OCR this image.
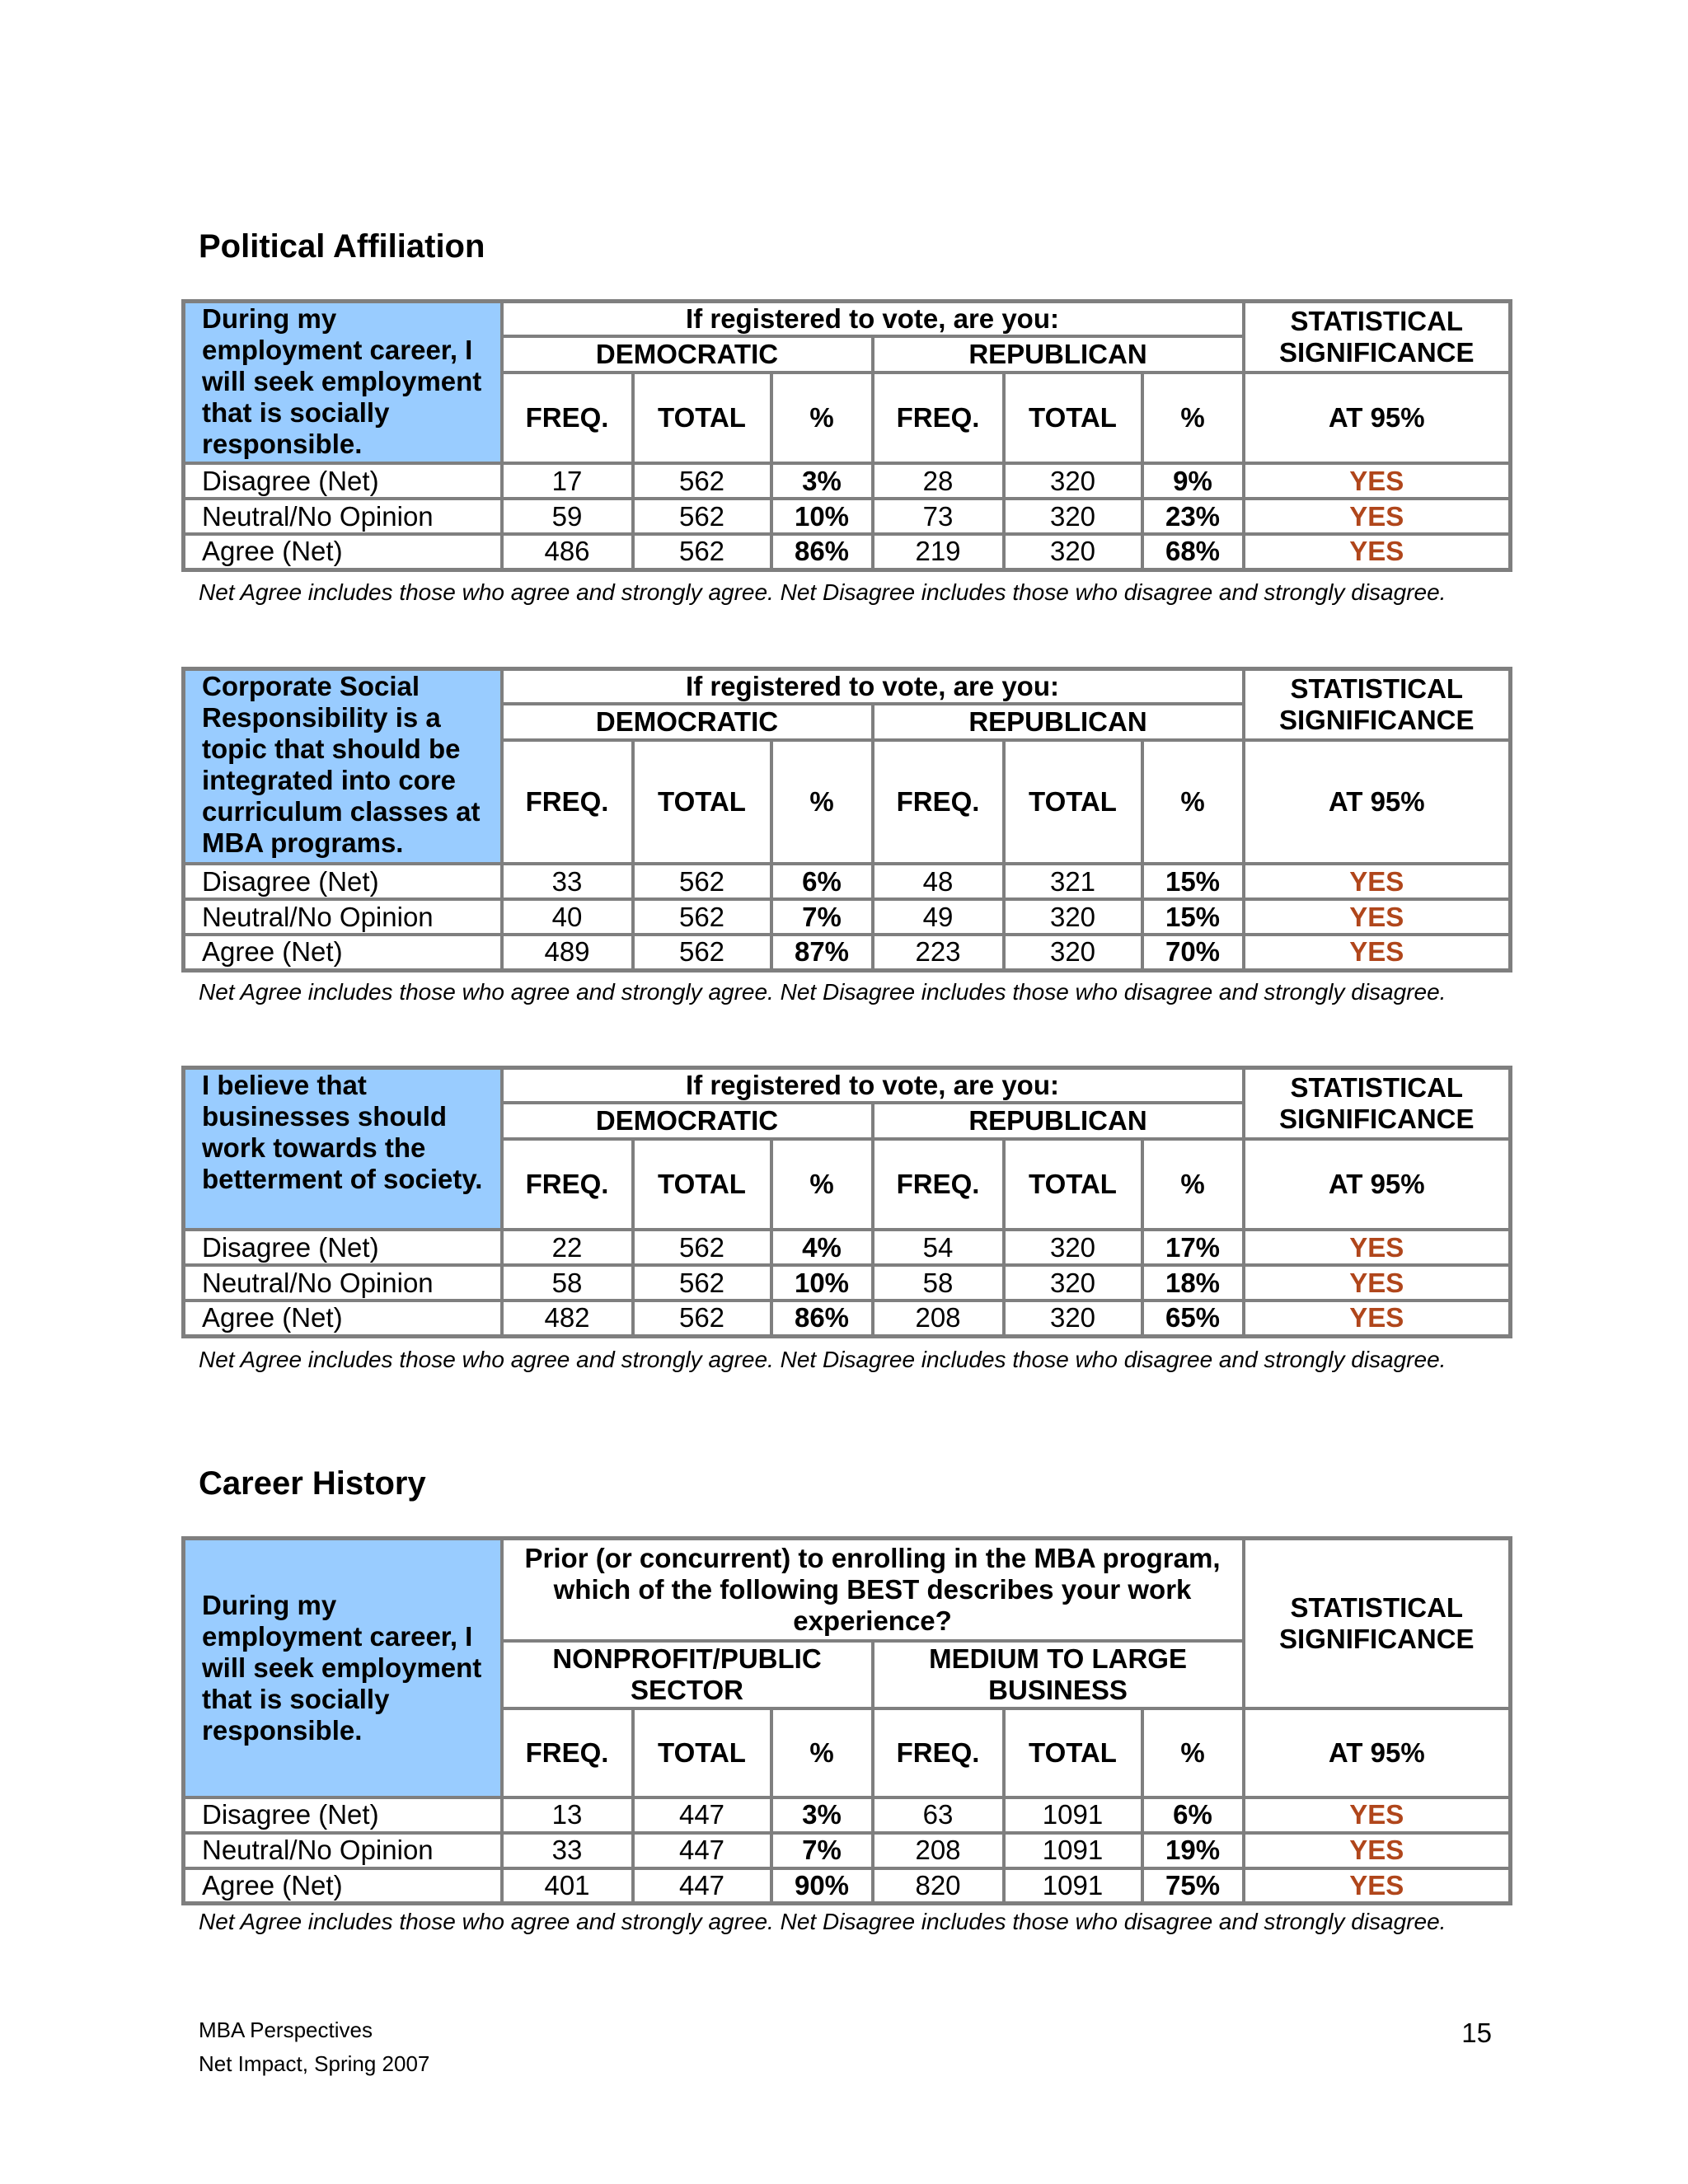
Political Affiliation
During my employment career, I will seek employment that is socially responsible.	If registered to vote, are you:						STATISTICAL SIGNIFICANCE
	DEMOCRATIC			REPUBLICAN			
	FREQ.	TOTAL	%	FREQ.	TOTAL	%	AT 95%
Disagree (Net)	17	562	3%	28	320	9%	YES
Neutral/No Opinion	59	562	10%	73	320	23%	YES
Agree (Net)	486	562	86%	219	320	68%	YES

Net Agree includes those who agree and strongly agree. Net Disagree includes those who disagree and strongly disagree.

Corporate Social Responsibility is a topic that should be integrated into core curriculum classes at MBA programs.	If registered to vote, are you:						STATISTICAL SIGNIFICANCE
	DEMOCRATIC			REPUBLICAN			
	FREQ.	TOTAL	%	FREQ.	TOTAL	%	AT 95%
Disagree (Net)	33	562	6%	48	321	15%	YES
Neutral/No Opinion	40	562	7%	49	320	15%	YES
Agree (Net)	489	562	87%	223	320	70%	YES

Net Agree includes those who agree and strongly agree. Net Disagree includes those who disagree and strongly disagree.

I believe that businesses should work towards the betterment of society.	If registered to vote, are you:						STATISTICAL SIGNIFICANCE
	DEMOCRATIC			REPUBLICAN			
	FREQ.	TOTAL	%	FREQ.	TOTAL	%	AT 95%
Disagree (Net)	22	562	4%	54	320	17%	YES
Neutral/No Opinion	58	562	10%	58	320	18%	YES
Agree (Net)	482	562	86%	208	320	65%	YES

Net Agree includes those who agree and strongly agree. Net Disagree includes those who disagree and strongly disagree.

Career History
During my employment career, I will seek employment that is socially responsible.	Prior (or concurrent) to enrolling in the MBA program, which of the following BEST describes your work experience?						STATISTICAL SIGNIFICANCE
	NONPROFIT/PUBLIC SECTOR			MEDIUM TO LARGE BUSINESS			
	FREQ.	TOTAL	%	FREQ.	TOTAL	%	AT 95%
Disagree (Net)	13	447	3%	63	1091	6%	YES
Neutral/No Opinion	33	447	7%	208	1091	19%	YES
Agree (Net)	401	447	90%	820	1091	75%	YES

Net Agree includes those who agree and strongly agree. Net Disagree includes those who disagree and strongly disagree.

MBA Perspectives

Net Impact, Spring 2007

15
